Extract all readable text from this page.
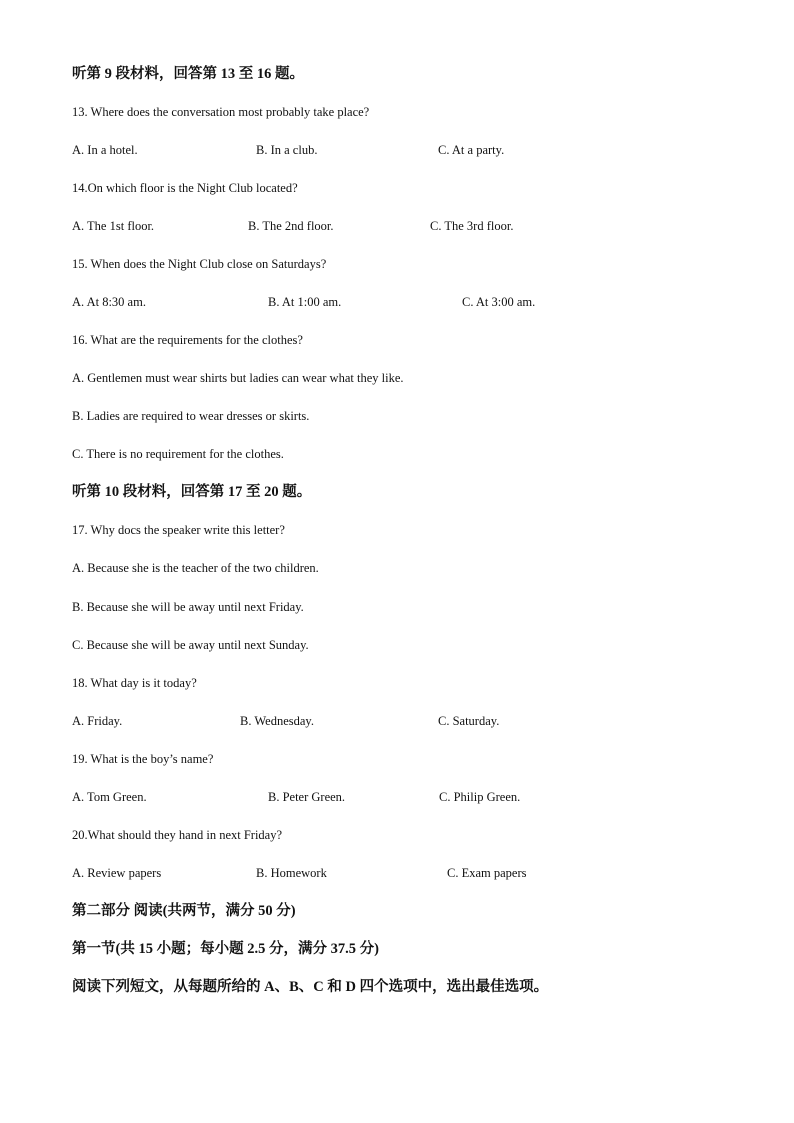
听第 9 段材料，回答第 13 至 16 题。
13. Where does the conversation most probably take place?
A. In a hotel.	B. In a club.	C. At a party.
14.On which floor is the Night Club located?
A. The 1st floor.	B. The 2nd floor.	C. The 3rd floor.
15. When does the Night Club close on Saturdays?
A. At 8:30 am.	B. At 1:00 am.	C. At 3:00 am.
16. What are the requirements for the clothes?
A. Gentlemen must wear shirts but ladies can wear what they like.
B. Ladies are required to wear dresses or skirts.
C. There is no requirement for the clothes.
听第 10 段材料，回答第 17 至 20 题。
17. Why docs the speaker write this letter?
A. Because she is the teacher of the two children.
B. Because she will be away until next Friday.
C. Because she will be away until next Sunday.
18. What day is it today?
A. Friday.	B. Wednesday.	C. Saturday.
19. What is the boy’s name?
A. Tom Green.	B. Peter Green.	C. Philip Green.
20.What should they hand in next Friday?
A. Review papers	B. Homework	C. Exam papers
第二部分 阅读(共两节，满分 50 分)
第一节(共 15 小题；每小题 2.5 分，满分 37.5 分)
阅读下列短文，从每题所给的 A、B、C 和 D 四个选项中，选出最佳选项。
